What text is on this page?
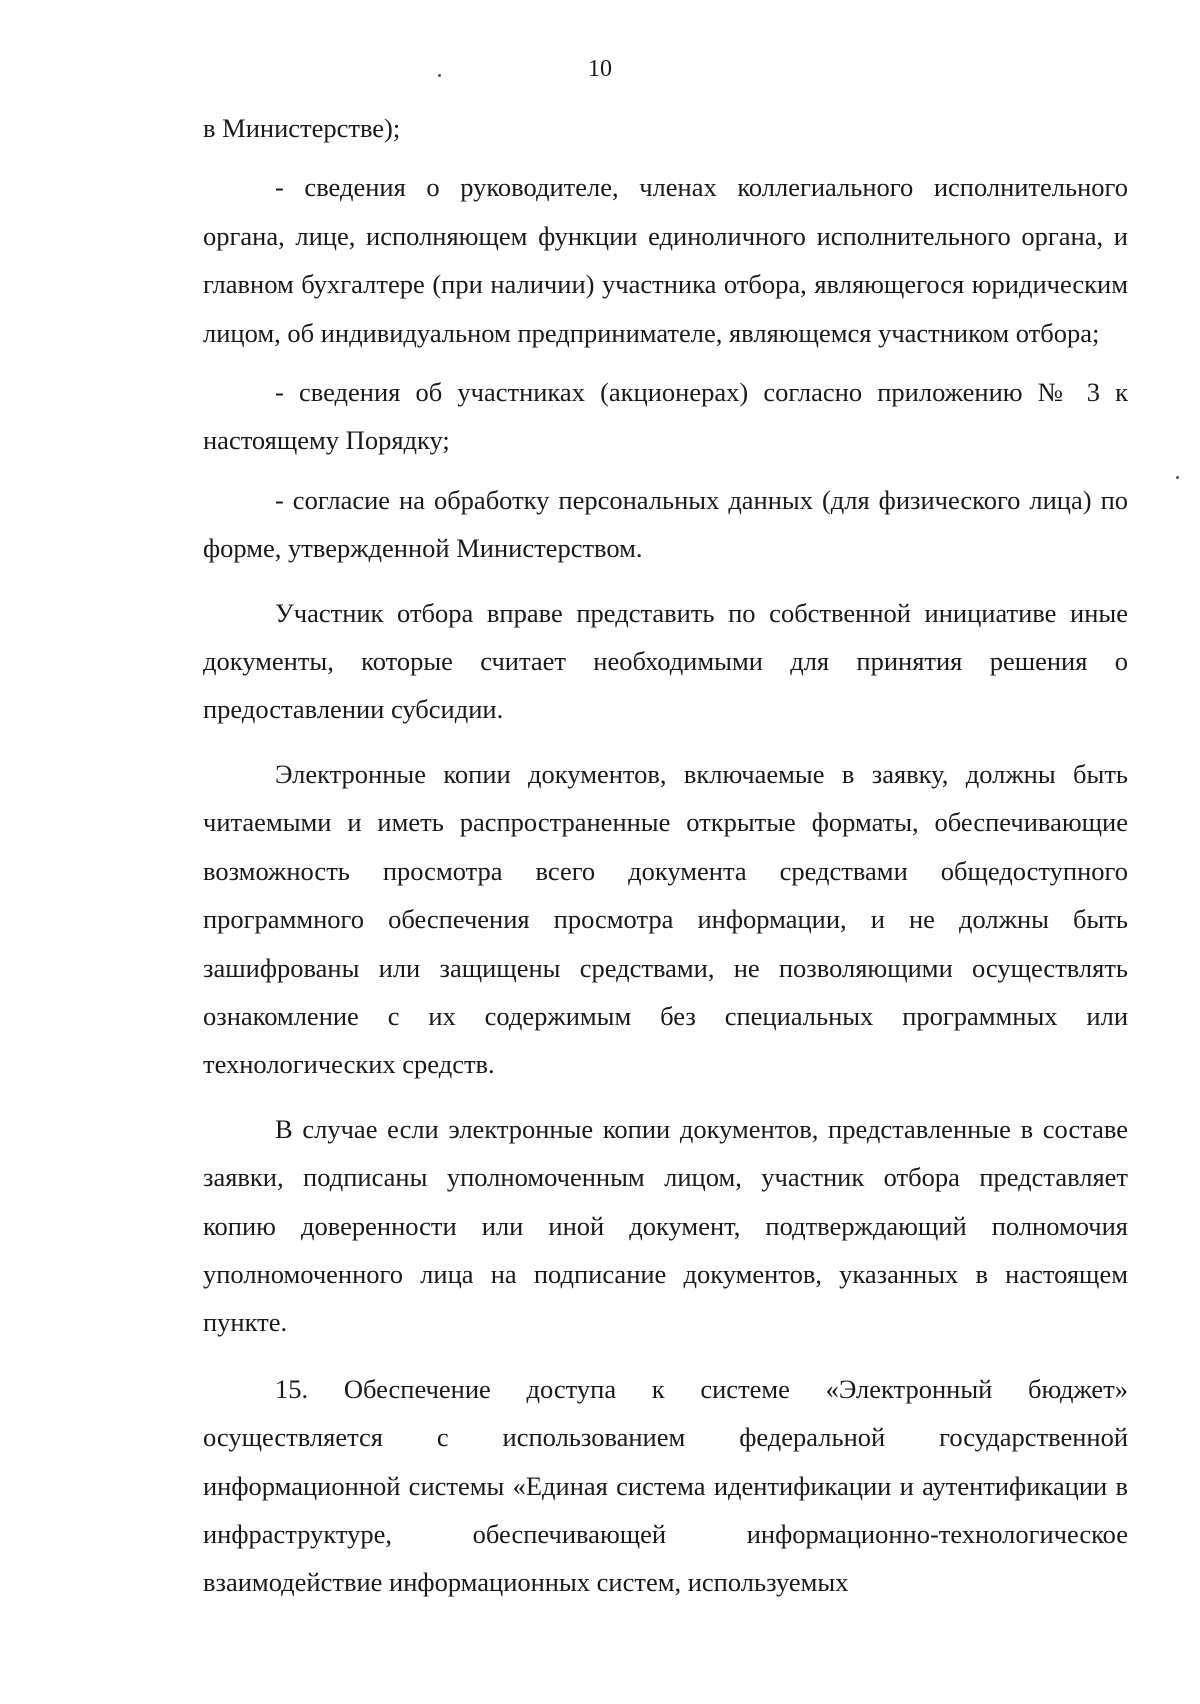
10

в Министерстве);

- сведения о руководителе, членах коллегиального исполнительного органа, лице, исполняющем функции единоличного исполнительного органа, и главном бухгалтере (при наличии) участника отбора, являющегося юридическим лицом, об индивидуальном предпринимателе, являющемся участником отбора;

- сведения об участниках (акционерах) согласно приложению № 3 к настоящему Порядку;

- согласие на обработку персональных данных (для физического лица) по форме, утвержденной Министерством.

Участник отбора вправе представить по собственной инициативе иные документы, которые считает необходимыми для принятия решения о предоставлении субсидии.

Электронные копии документов, включаемые в заявку, должны быть читаемыми и иметь распространенные открытые форматы, обеспечивающие возможность просмотра всего документа средствами общедоступного программного обеспечения просмотра информации, и не должны быть зашифрованы или защищены средствами, не позволяющими осуществлять ознакомление с их содержимым без специальных программных или технологических средств.

В случае если электронные копии документов, представленные в составе заявки, подписаны уполномоченным лицом, участник отбора представляет копию доверенности или иной документ, подтверждающий полномочия уполномоченного лица на подписание документов, указанных в настоящем пункте.

15. Обеспечение доступа к системе «Электронный бюджет» осуществляется с использованием федеральной государственной информационной системы «Единая система идентификации и аутентификации в инфраструктуре, обеспечивающей информационно-технологическое взаимодействие информационных систем, используемых
